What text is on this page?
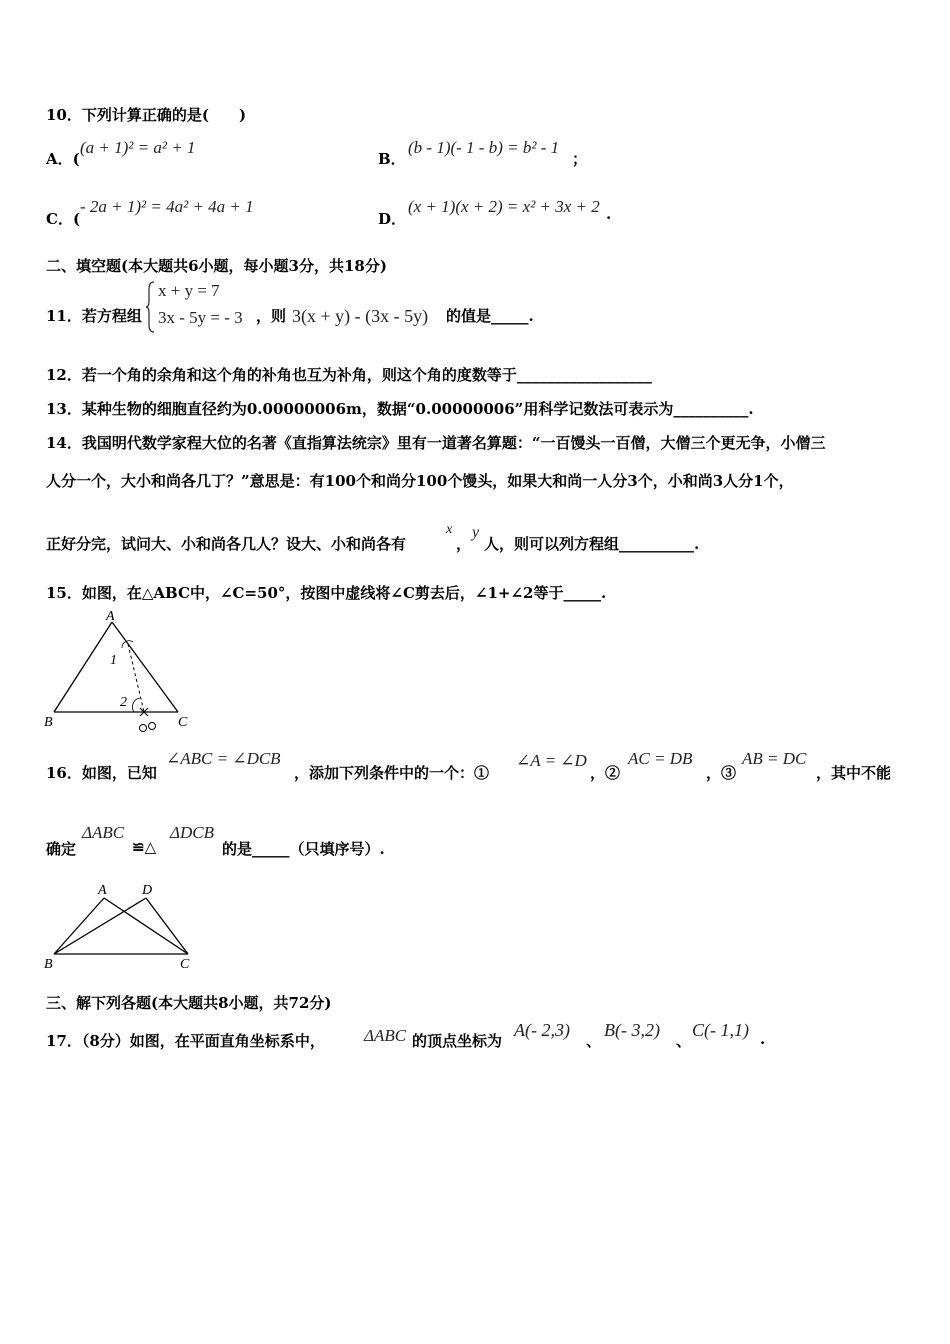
10．下列计算正确的是(　　)
A．(
(a + 1)² = a² + 1
B．
(b - 1)(- 1 - b) = b² - 1
；
C．(
- 2a + 1)² = 4a² + 4a + 1
D．
(x + 1)(x + 2) = x² + 3x + 2 .
二、填空题(本大题共6小题，每小题3分，共18分)
11．若方程组
x + y = 7
3x - 5y = - 3 ，则 3(x + y) - (3x - 5y) 的值是_____.
12．若一个角的余角和这个角的补角也互为补角，则这个角的度数等于__________________
13．某种生物的细胞直径约为0.00000006m，数据“0.00000006”用科学记数法可表示为__________.
14．我国明代数学家程大位的名著《直指算法统宗》里有一道著名算题：“一百馒头一百僧，大僧三个更无争，小僧三
人分一个，大小和尚各几丁？”意思是：有100个和尚分100个馒头，如果大和尚一人分3个，小和尚3人分1个，
正好分完，试问大、小和尚各几人？设大、小和尚各有
x
，
y
人，则可以列方程组__________.
15．如图，在△ABC中，∠C=50°，按图中虚线将∠C剪去后，∠1+∠2等于_____.
A
B	C
1
2
16．如图，已知
∠ABC = ∠DCB
，添加下列条件中的一个：①
∠A = ∠D
，②
AC = DB
，③
AB = DC
，其中不能
确定
ΔABC
≌△
ΔDCB
的是_____（只填序号）.
A	D
B	C
三、解下列各题(本大题共8小题，共72分)
17．（8分）如图，在平面直角坐标系中， ΔABC 的顶点坐标为
A(- 2,3)
、
B(- 3,2)
、
C(- 1,1) .
